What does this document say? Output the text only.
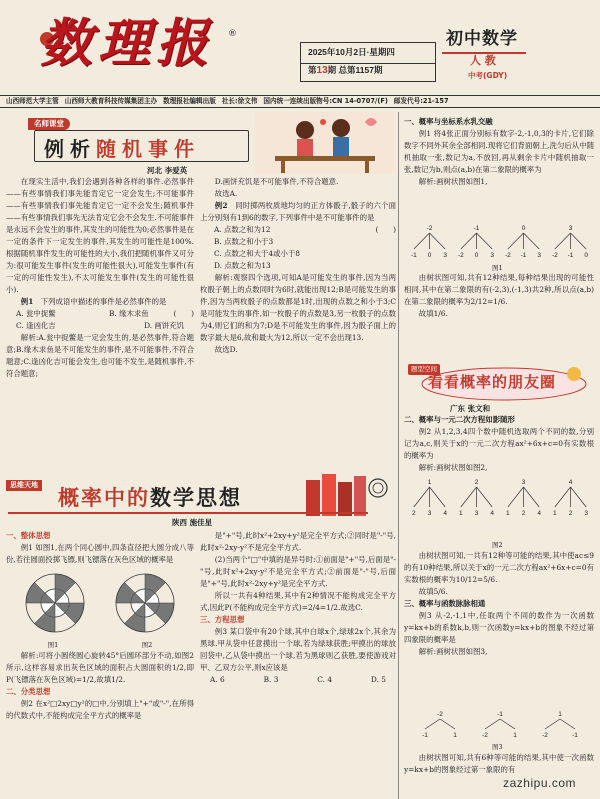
数理报 ®
2025年10月2日·星期四
第13期 总第1157期
初中数学
人 教
中考(GDY)
山西师范大学主管 山西师大教育科技传媒集团主办 数理报社编辑出版 社长:徐文伟 国内统一连续出版物号:CN 14-0707/(F) 邮发代号:21-157
名师课堂
例析随机事件
河北 李爱英

在现实生活中,我们会遇到各种各样的事件.必然事件——有些事情我们事先能肯定它一定会发生;不可能事件——有些事情我们事先能肯定它一定不会发生;随机事件——有些事情我们事先无法肯定它会不会发生.不可能事件是永远不会发生的事件,其发生的可能性为0;必然事件是在一定的条件下一定发生的事件,其发生的可能性是100%.根据随机事件发生的可能性的大小,我们把随机事件又可分为:很可能发生事件(发生的可能性很大),可能发生事件(有一定的可能性发生),不太可能发生事件(发生的可能性很小).

例1　 下列成语中描述的事件是必然事件的是
(　　)

A. 瓮中捉鳖	B. 缘木求鱼
C. 逢凶化吉	D. 画饼充饥

解析:A.瓮中捉鳖是一定会发生的,是必然事件,符合题意;B.缘木求鱼是不可能发生的事件,是不可能事件,不符合题意;C.逢凶化吉可能会发生,也可能不发生,是随机事件,不符合题意;

D.画饼充饥是不可能事件,不符合题意.

故选A.

例2　 同时掷两枚质地均匀的正方体骰子,骰子的六个面上分别刻有1到6的数字,下列事件中是不可能事件的是
(　　)

A. 点数之和为12
B. 点数之和小于3
C. 点数之和大于4或小于8
D. 点数之和为13

解析:观察四个选项,可知A是可能发生的事件,因为当两枚骰子朝上的点数同时为6时,就能出现12;B是可能发生的事件,因为当两枚骰子的点数都是1时,出现的点数之和小于3;C是可能发生的事件,如一枚骰子的点数是3,另一枚骰子的点数为4,则它们的和为7;D是不可能发生的事件,因为骰子面上的数字最大是6,故和最大为12,所以一定不会出现13.

故选D.

思维天地
概率中的数学思想
陕西 施佳星
一、整体思想

例1 如图1,在两个同心圆中,四条直径把大圆分成八等份,若往圆面投掷飞镖,则飞镖落在灰色区域的概率是

图1	图2

解析:可将小圆绕圆心旋转45°后圆环部分不动,如图2所示,这样容易求出灰色区域的面积占大圆面积的1/2,即P(飞镖落在灰色区域)=1/2,故填1/2.

二、分类思想

例2 在x²□2xy□y²的□中,分别填上"+"或"-",在所得的代数式中,不能构成完全平方式的概率是

是"+"号,此时x²+2xy+y²是完全平方式;②同时是"-"号,此时x²-2xy-y²不是完全平方式.

(2)当两个"□"中填的是异号时:①前面是"+"号,后面是"-"号,此时x²+2xy-y²不是完全平方式;②前面是"-"号,后面是"+"号,此时x²-2xy+y²是完全平方式.

所以一共有4种结果,其中有2种情况不能构成完全平方式,因此P(不能构成完全平方式)=2/4=1/2.故选C.

三、方程思想

例3 某口袋中有20个球,其中白球x个,绿球2x个,其余为黑球.甲从袋中任意摸出一个球,若为绿球获胜;甲摸出的球放回袋中,乙从袋中摸出一个球,若为黑球则乙获胜,要使游戏对甲、乙双方公平,则x应该是

A. 6	B. 3	C. 4	D. 5
一、概率与坐标系水乳交融

例1 将4张正面分别标有数字-2,-1,0,3的卡片,它们除数字不同外其余全部相同.现将它们背面朝上,洗匀后从中随机抽取一张,数记为a,不放回,再从剩余卡片中随机抽取一张,数记为b,则点(a,b)在第二象限的概率为

解析:画树状图如图1,

-2
-1 0 3
-1
-2 0 3
0
-2 -1 3
3
-2 -1 0
图1

由树状图可知,共有12种结果,每种结果出现的可能性相同,其中在第二象限的有(-2,3),(-1,3)共2种,所以点(a,b)在第二象限的概率为2/12=1/6.

故填1/6.

题型空间
看看概率的朋友圈
广东 张文和
二、概率与一元二次方程如影随形

例2 从1,2,3,4四个数中随机选取两个不同的数,分别记为a,c,则关于x的一元二次方程ax²+6x+c=0有实数根的概率为

解析:画树状图如图2,

1
2 3 4
2
1 3 4
3
1 2 4
4
1 2 3
图2

由树状图可知,一共有12种等可能的结果,其中使ac≤9的有10种结果,所以关于x的一元二次方程ax²+6x+c=0有实数根的概率为10/12=5/6.

故填5/6.

三、概率与函数脉脉相通

例3 从-2,-1,1中,任取两个不同的数作为一次函数y=kx+b的系数k,b,则一次函数y=kx+b的图象不经过第四象限的概率是

解析:画树状图如图3,

-2
-1	1
-1
-2	1
1
-2	-1
图3

由树状图可知,共有6种等可能的结果,其中使一次函数y=kx+b的图象经过第一象限的有

zazhipu.com
